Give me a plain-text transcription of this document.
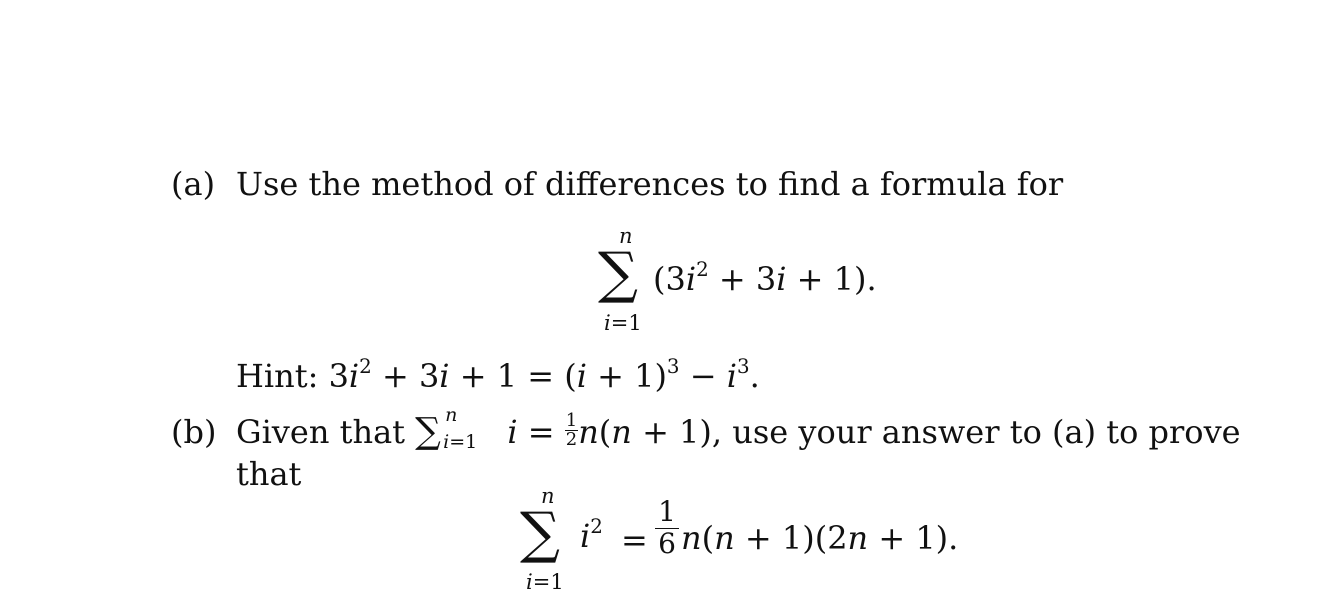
(a) Use the method of differences to find a formula for
n
∑
i=1
$(3i^2 + 3i + 1)$.
Hint: $3i^2 + 3i + 1 = (i + 1)^3 - i^3$.
(b) Given that ∑ n
i=1 $i = \frac{1}{2} n(n + 1)$, use your answer to (a) to prove
that
n
∑
i=1
$i^2 = \frac{1}{6} n(n + 1)(2n + 1)$.
